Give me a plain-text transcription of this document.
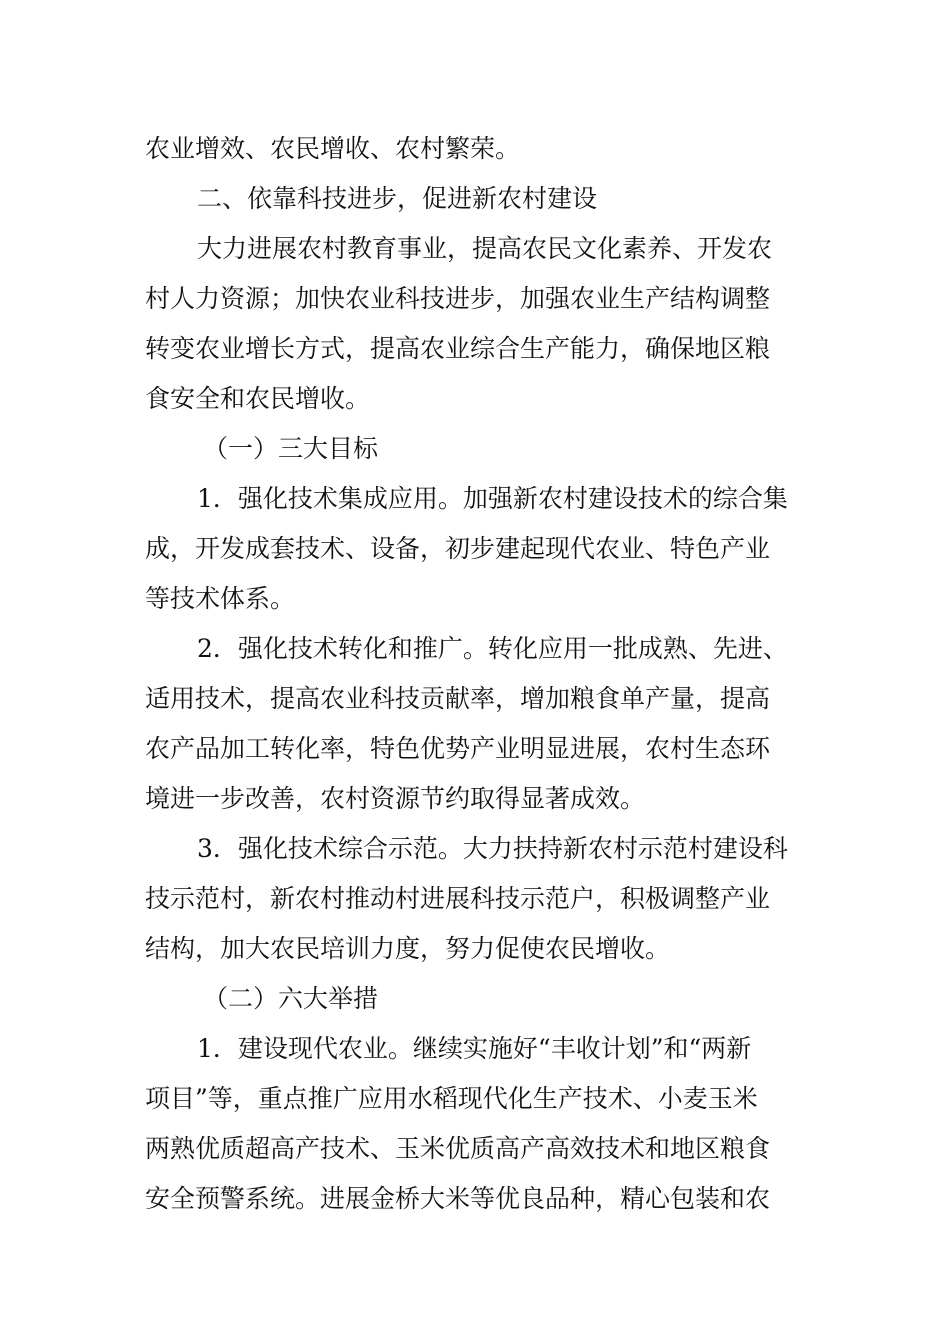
农业增效、农民增收、农村繁荣。
二、依靠科技进步，促进新农村建设
大力进展农村教育事业，提高农民文化素养、开发农
村人力资源；加快农业科技进步，加强农业生产结构调整
转变农业增长方式，提高农业综合生产能力，确保地区粮
食安全和农民增收。
（一）三大目标
1．强化技术集成应用。加强新农村建设技术的综合集
成，开发成套技术、设备，初步建起现代农业、特色产业
等技术体系。
2．强化技术转化和推广。转化应用一批成熟、先进、
适用技术，提高农业科技贡献率，增加粮食单产量，提高
农产品加工转化率，特色优势产业明显进展，农村生态环
境进一步改善，农村资源节约取得显著成效。
3．强化技术综合示范。大力扶持新农村示范村建设科
技示范村，新农村推动村进展科技示范户，积极调整产业
结构，加大农民培训力度，努力促使农民增收。
（二）六大举措
1．建设现代农业。继续实施好“丰收计划”和“两新
项目”等，重点推广应用水稻现代化生产技术、小麦玉米
两熟优质超高产技术、玉米优质高产高效技术和地区粮食
安全预警系统。进展金桥大米等优良品种，精心包装和农
